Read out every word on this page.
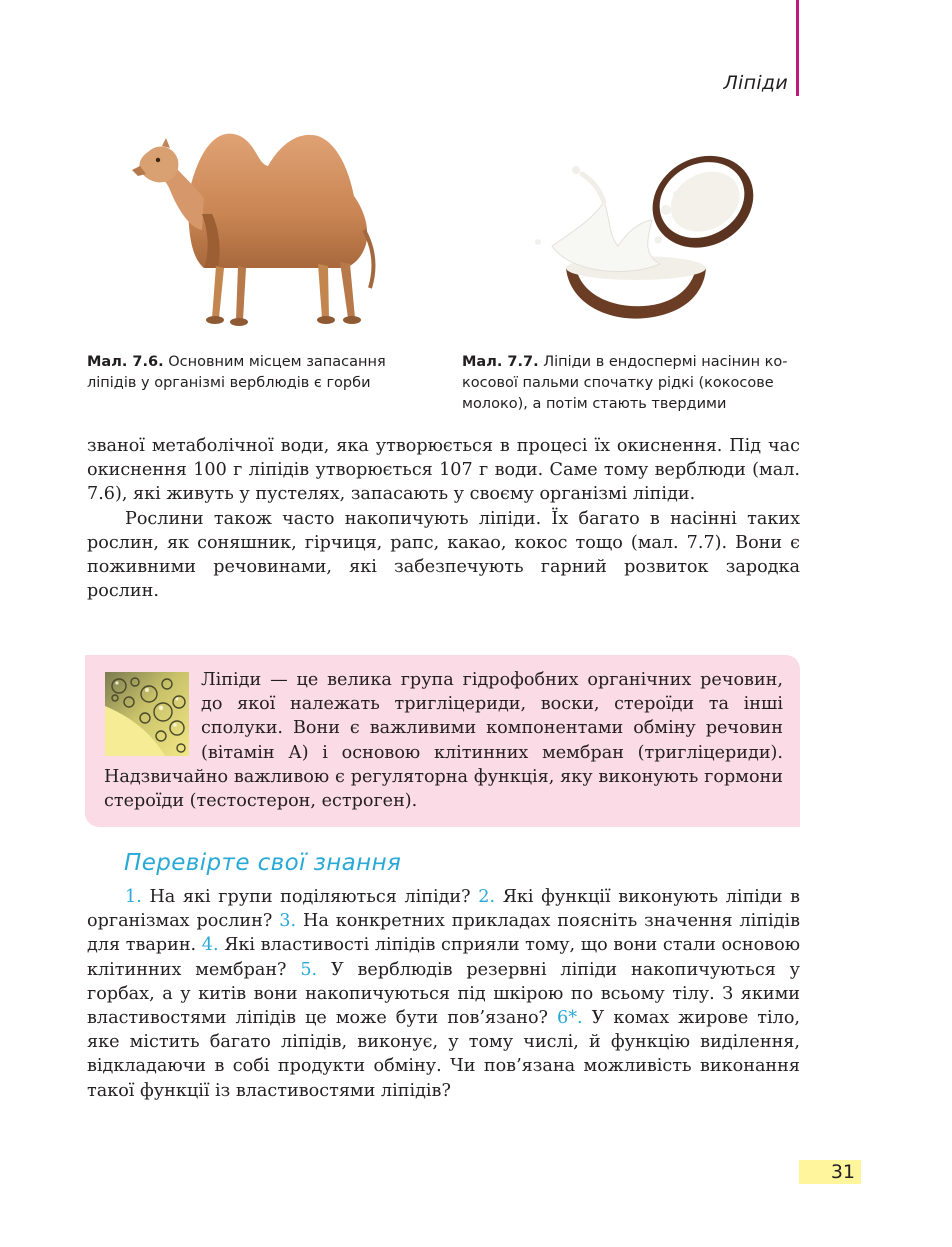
Ліпіди
Мал. 7.6. Основним місцем запасання
ліпідів у організмі верблюдів є горби
Мал. 7.7. Ліпіди в ендоспермі насінин ко-
косової пальми спочатку рідкі (кокосове
молоко), а потім стають твердими

званої метаболічної води, яка утворюється в процесі їх окиснення. Під час окиснення 100 г ліпідів утворюється 107 г води. Саме тому верблюди (мал. 7.6), які живуть у пустелях, запасають у своєму організмі ліпіди.

Рослини також часто накопичують ліпіди. Їх багато в насінні таких рослин, як соняшник, гірчиця, рапс, какао, кокос тощо (мал. 7.7). Вони є поживними речовинами, які забезпечують гарний розвиток зародка рослин.

Ліпіди — це велика група гідрофобних органічних речовин, до якої належать тригліцериди, воски, стероїди та інші сполуки. Вони є важливими компонентами обміну речовин (вітамін А) і основою клітинних мембран (тригліцериди). Надзвичайно важливою є регуляторна функція, яку виконують гормони стероїди (тестостерон, естроген).
Перевірте свої знання

1. На які групи поділяються ліпіди? 2. Які функції виконують ліпіди в організмах рослин? 3. На конкретних прикладах поясніть значення ліпідів для тварин. 4. Які властивості ліпідів сприяли тому, що вони стали основою клітинних мембран? 5. У верблюдів резервні ліпіди накопичуються у горбах, а у китів вони накопичуються під шкірою по всьому тілу. З якими властивостями ліпідів це може бути пов’язано? 6*. У комах жирове тіло, яке містить багато ліпідів, виконує, у тому числі, й функцію виділення, відкладаючи в собі продукти обміну. Чи пов’язана можливість виконання такої функції із властивостями ліпідів?

31
